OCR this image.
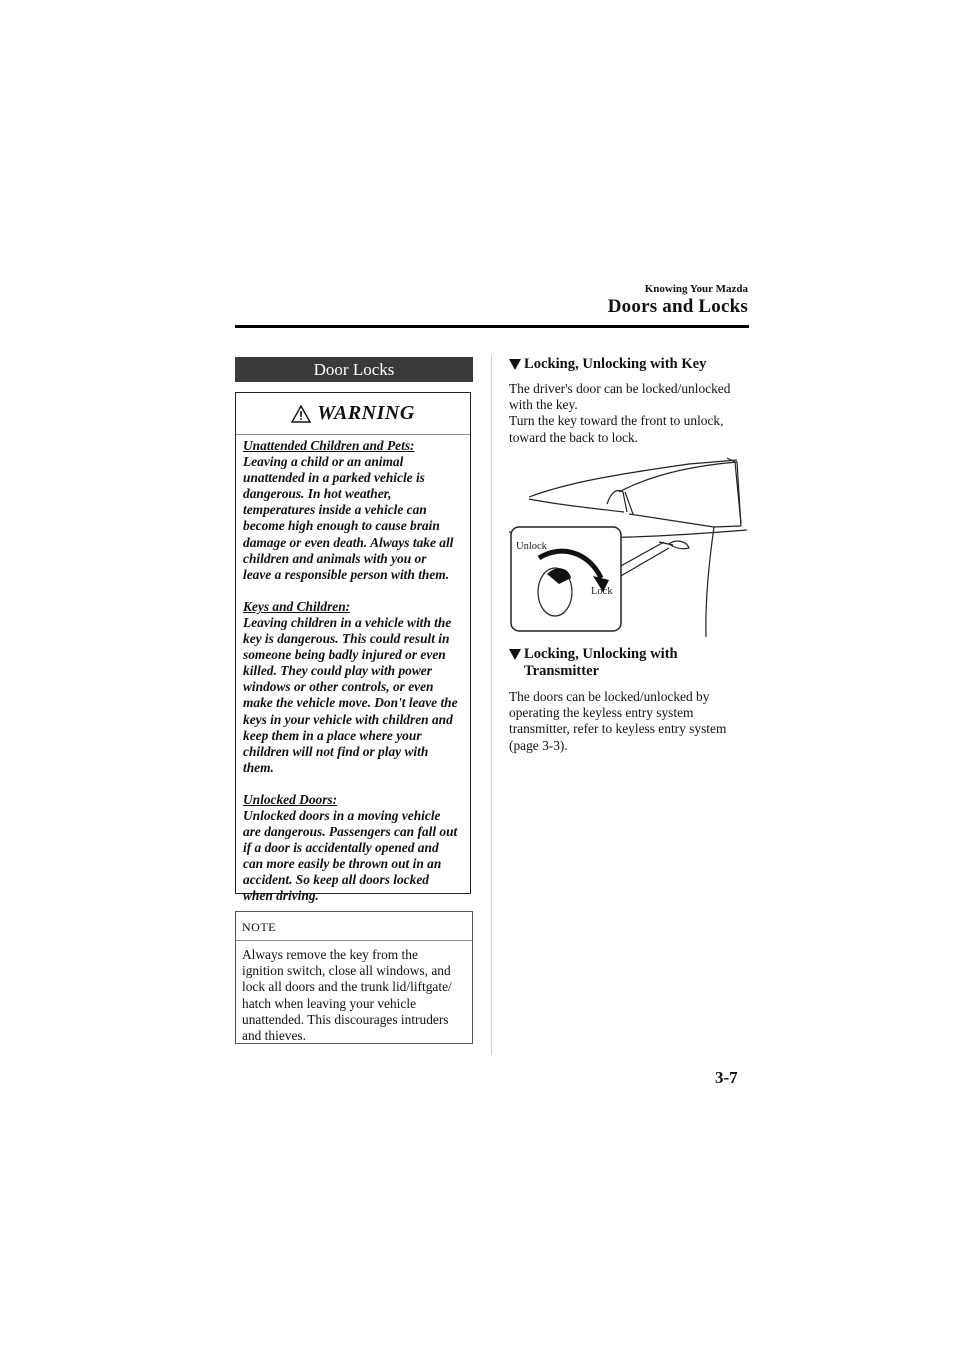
Knowing Your Mazda
Doors and Locks
Door Locks
WARNING

Unattended Children and Pets:

Leaving a child or an animal

unattended in a parked vehicle is

dangerous. In hot weather,

temperatures inside a vehicle can

become high enough to cause brain

damage or even death. Always take all

children and animals with you or

leave a responsible person with them.

Keys and Children:

Leaving children in a vehicle with the

key is dangerous. This could result in

someone being badly injured or even

killed. They could play with power

windows or other controls, or even

make the vehicle move. Don't leave the

keys in your vehicle with children and

keep them in a place where your

children will not find or play with

them.

Unlocked Doors:

Unlocked doors in a moving vehicle

are dangerous. Passengers can fall out

if a door is accidentally opened and

can more easily be thrown out in an

accident. So keep all doors locked

when driving.

NOTE
Always remove the key from the
ignition switch, close all windows, and
lock all doors and the trunk lid/liftgate/
hatch when leaving your vehicle
unattended. This discourages intruders
and thieves.
Locking, Unlocking with Key
The driver's door can be locked/unlocked
with the key.
Turn the key toward the front to unlock,
toward the back to lock.
Unlock
Lock
Locking, Unlocking with
Transmitter
The doors can be locked/unlocked by
operating the keyless entry system
transmitter, refer to keyless entry system
(page 3-3).
3-7
